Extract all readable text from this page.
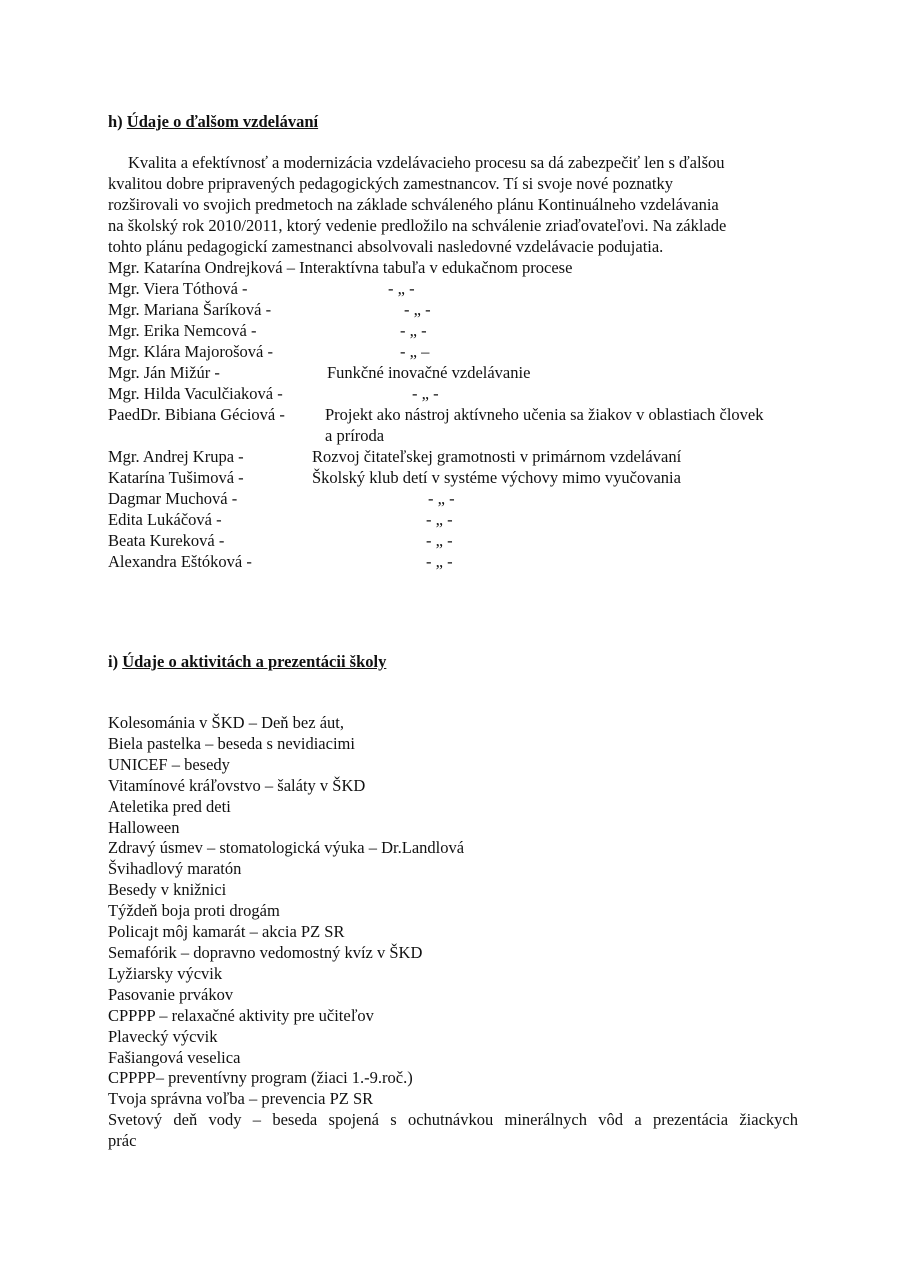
h) Údaje o ďalšom vzdelávaní

Kvalita a efektívnosť a modernizácia vzdelávacieho procesu sa dá zabezpečiť len s ďalšou

kvalitou dobre pripravených pedagogických zamestnancov. Tí si svoje nové poznatky

rozširovali vo svojich predmetoch na základe schváleného plánu Kontinuálneho vzdelávania

na školský rok 2010/2011, ktorý vedenie predložilo na schválenie zriaďovateľovi. Na základe

tohto plánu pedagogickí zamestnanci absolvovali nasledovné vzdelávacie podujatia.

Mgr. Katarína Ondrejková – Interaktívna tabuľa v edukačnom procese
Mgr. Viera Tóthová -	- „ -
Mgr. Mariana Šaríková -	- „ -
Mgr. Erika Nemcová -	- „ -
Mgr. Klára Majorošová -	- „ –
Mgr. Ján Mižúr -	Funkčné inovačné vzdelávanie
Mgr. Hilda Vaculčiaková -	- „ -
PaedDr. Bibiana Géciová - Projekt ako nástroj aktívneho učenia sa žiakov v oblastiach človek a príroda
Mgr. Andrej Krupa -	Rozvoj čitateľskej gramotnosti v primárnom vzdelávaní
Katarína Tušimová -	Školský klub detí v systéme výchovy mimo vyučovania
Dagmar Muchová -	- „ -
Edita Lukáčová -	- „ -
Beata Kureková -	- „ -
Alexandra Eštóková -	- „ -
i) Údaje o aktivitách a prezentácii školy
Kolesománia v ŠKD – Deň bez áut,
Biela pastelka – beseda s nevidiacimi
UNICEF – besedy
Vitamínové kráľovstvo – šaláty v ŠKD
Ateletika pred deti
Halloween
Zdravý úsmev – stomatologická výuka – Dr.Landlová
Švihadlový maratón
Besedy v knižnici
Týždeň boja proti drogám
Policajt môj kamarát – akcia PZ SR
Semafórik – dopravno vedomostný kvíz v ŠKD
Lyžiarsky výcvik
Pasovanie prvákov
CPPPP – relaxačné aktivity pre učiteľov
Plavecký výcvik
Fašiangová veselica
CPPPP– preventívny program (žiaci 1.-9.roč.)
Tvoja správna voľba – prevencia PZ SR
Svetový deň vody – beseda spojená s ochutnávkou minerálnych vôd a prezentácia žiackych
prác
